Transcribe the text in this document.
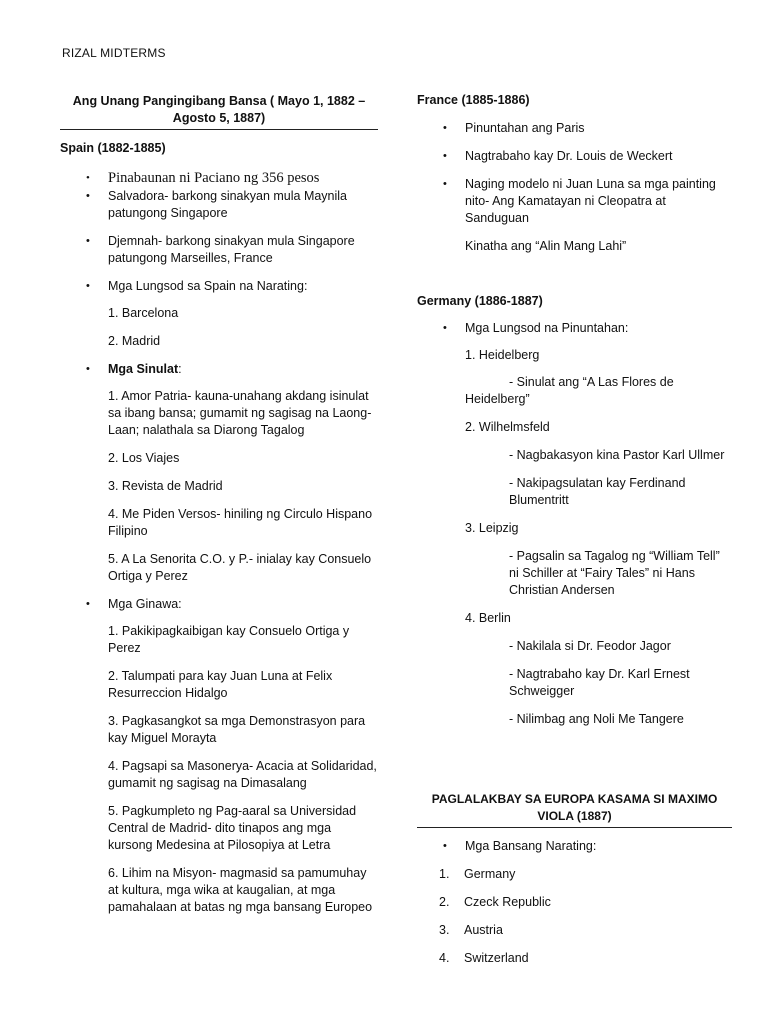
RIZAL MIDTERMS

Ang Unang Pangingibang Bansa ( Mayo 1, 1882 – Agosto 5, 1887)

Spain (1882-1885)

• Pinabaunan ni Paciano ng 356 pesos

• Salvadora- barkong sinakyan mula Maynila patungong Singapore

• Djemnah- barkong sinakyan mula Singapore patungong Marseilles, France

• Mga Lungsod sa Spain na Narating:

1. Barcelona

2. Madrid

• Mga Sinulat:

1. Amor Patria- kauna-unahang akdang isinulat sa ibang bansa; gumamit ng sagisag na Laong-Laan; nalathala sa Diarong Tagalog

2. Los Viajes

3. Revista de Madrid

4. Me Piden Versos- hiniling ng Circulo Hispano Filipino

5. A La Senorita C.O. y P.- inialay kay Consuelo Ortiga y Perez

• Mga Ginawa:

1. Pakikipagkaibigan kay Consuelo Ortiga y Perez

2. Talumpati para kay Juan Luna at Felix Resurreccion Hidalgo

3. Pagkasangkot sa mga Demonstrasyon para kay Miguel Morayta

4. Pagsapi sa Masonerya- Acacia at Solidaridad, gumamit ng sagisag na Dimasalang

5. Pagkumpleto ng Pag-aaral sa Universidad Central de Madrid- dito tinapos ang mga kursong Medesina at Pilosopiya at Letra

6. Lihim na Misyon- magmasid sa pamumuhay at kultura, mga wika at kaugalian, at mga pamahalaan at batas ng mga bansang Europeo

France (1885-1886)

• Pinuntahan ang Paris

• Nagtrabaho kay Dr. Louis de Weckert

• Naging modelo ni Juan Luna sa mga painting nito- Ang Kamatayan ni Cleopatra at Sanduguan

Kinatha ang “Alin Mang Lahi”

Germany (1886-1887)

• Mga Lungsod na Pinuntahan:

1. Heidelberg

- Sinulat ang “A Las Flores de Heidelberg”

2. Wilhelmsfeld

- Nagbakasyon kina Pastor Karl Ullmer

- Nakipagsulatan kay Ferdinand Blumentritt

3. Leipzig

- Pagsalin sa Tagalog ng “William Tell” ni Schiller at “Fairy Tales” ni Hans Christian Andersen

4. Berlin

- Nakilala si Dr. Feodor Jagor

- Nagtrabaho kay Dr. Karl Ernest Schweigger

- Nilimbag ang Noli Me Tangere

PAGLALAKBAY SA EUROPA KASAMA SI MAXIMO VIOLA (1887)

• Mga Bansang Narating:

1. Germany

2. Czeck Republic

3. Austria

4. Switzerland
